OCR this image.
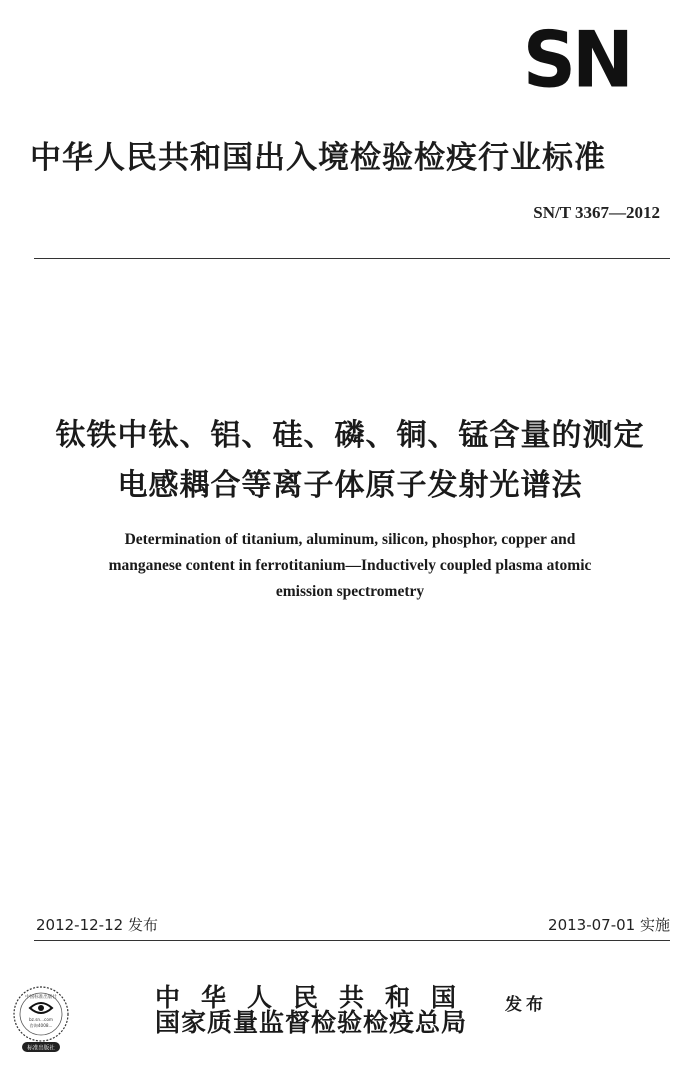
SN
中华人民共和国出入境检验检疫行业标准
SN/T 3367—2012
钛铁中钛、铝、硅、磷、铜、锰含量的测定
电感耦合等离子体原子发射光谱法
Determination of titanium, aluminum, silicon, phosphor, copper and
manganese content in ferrotitanium—Inductively coupled plasma atomic
emission spectrometry
2012-12-12 发布	2013-07-01 实施
中华人民共和国
国家质量监督检验检疫总局
发布
中国标准出版社
bz.sn...com
咨询4008...
标准出版社
